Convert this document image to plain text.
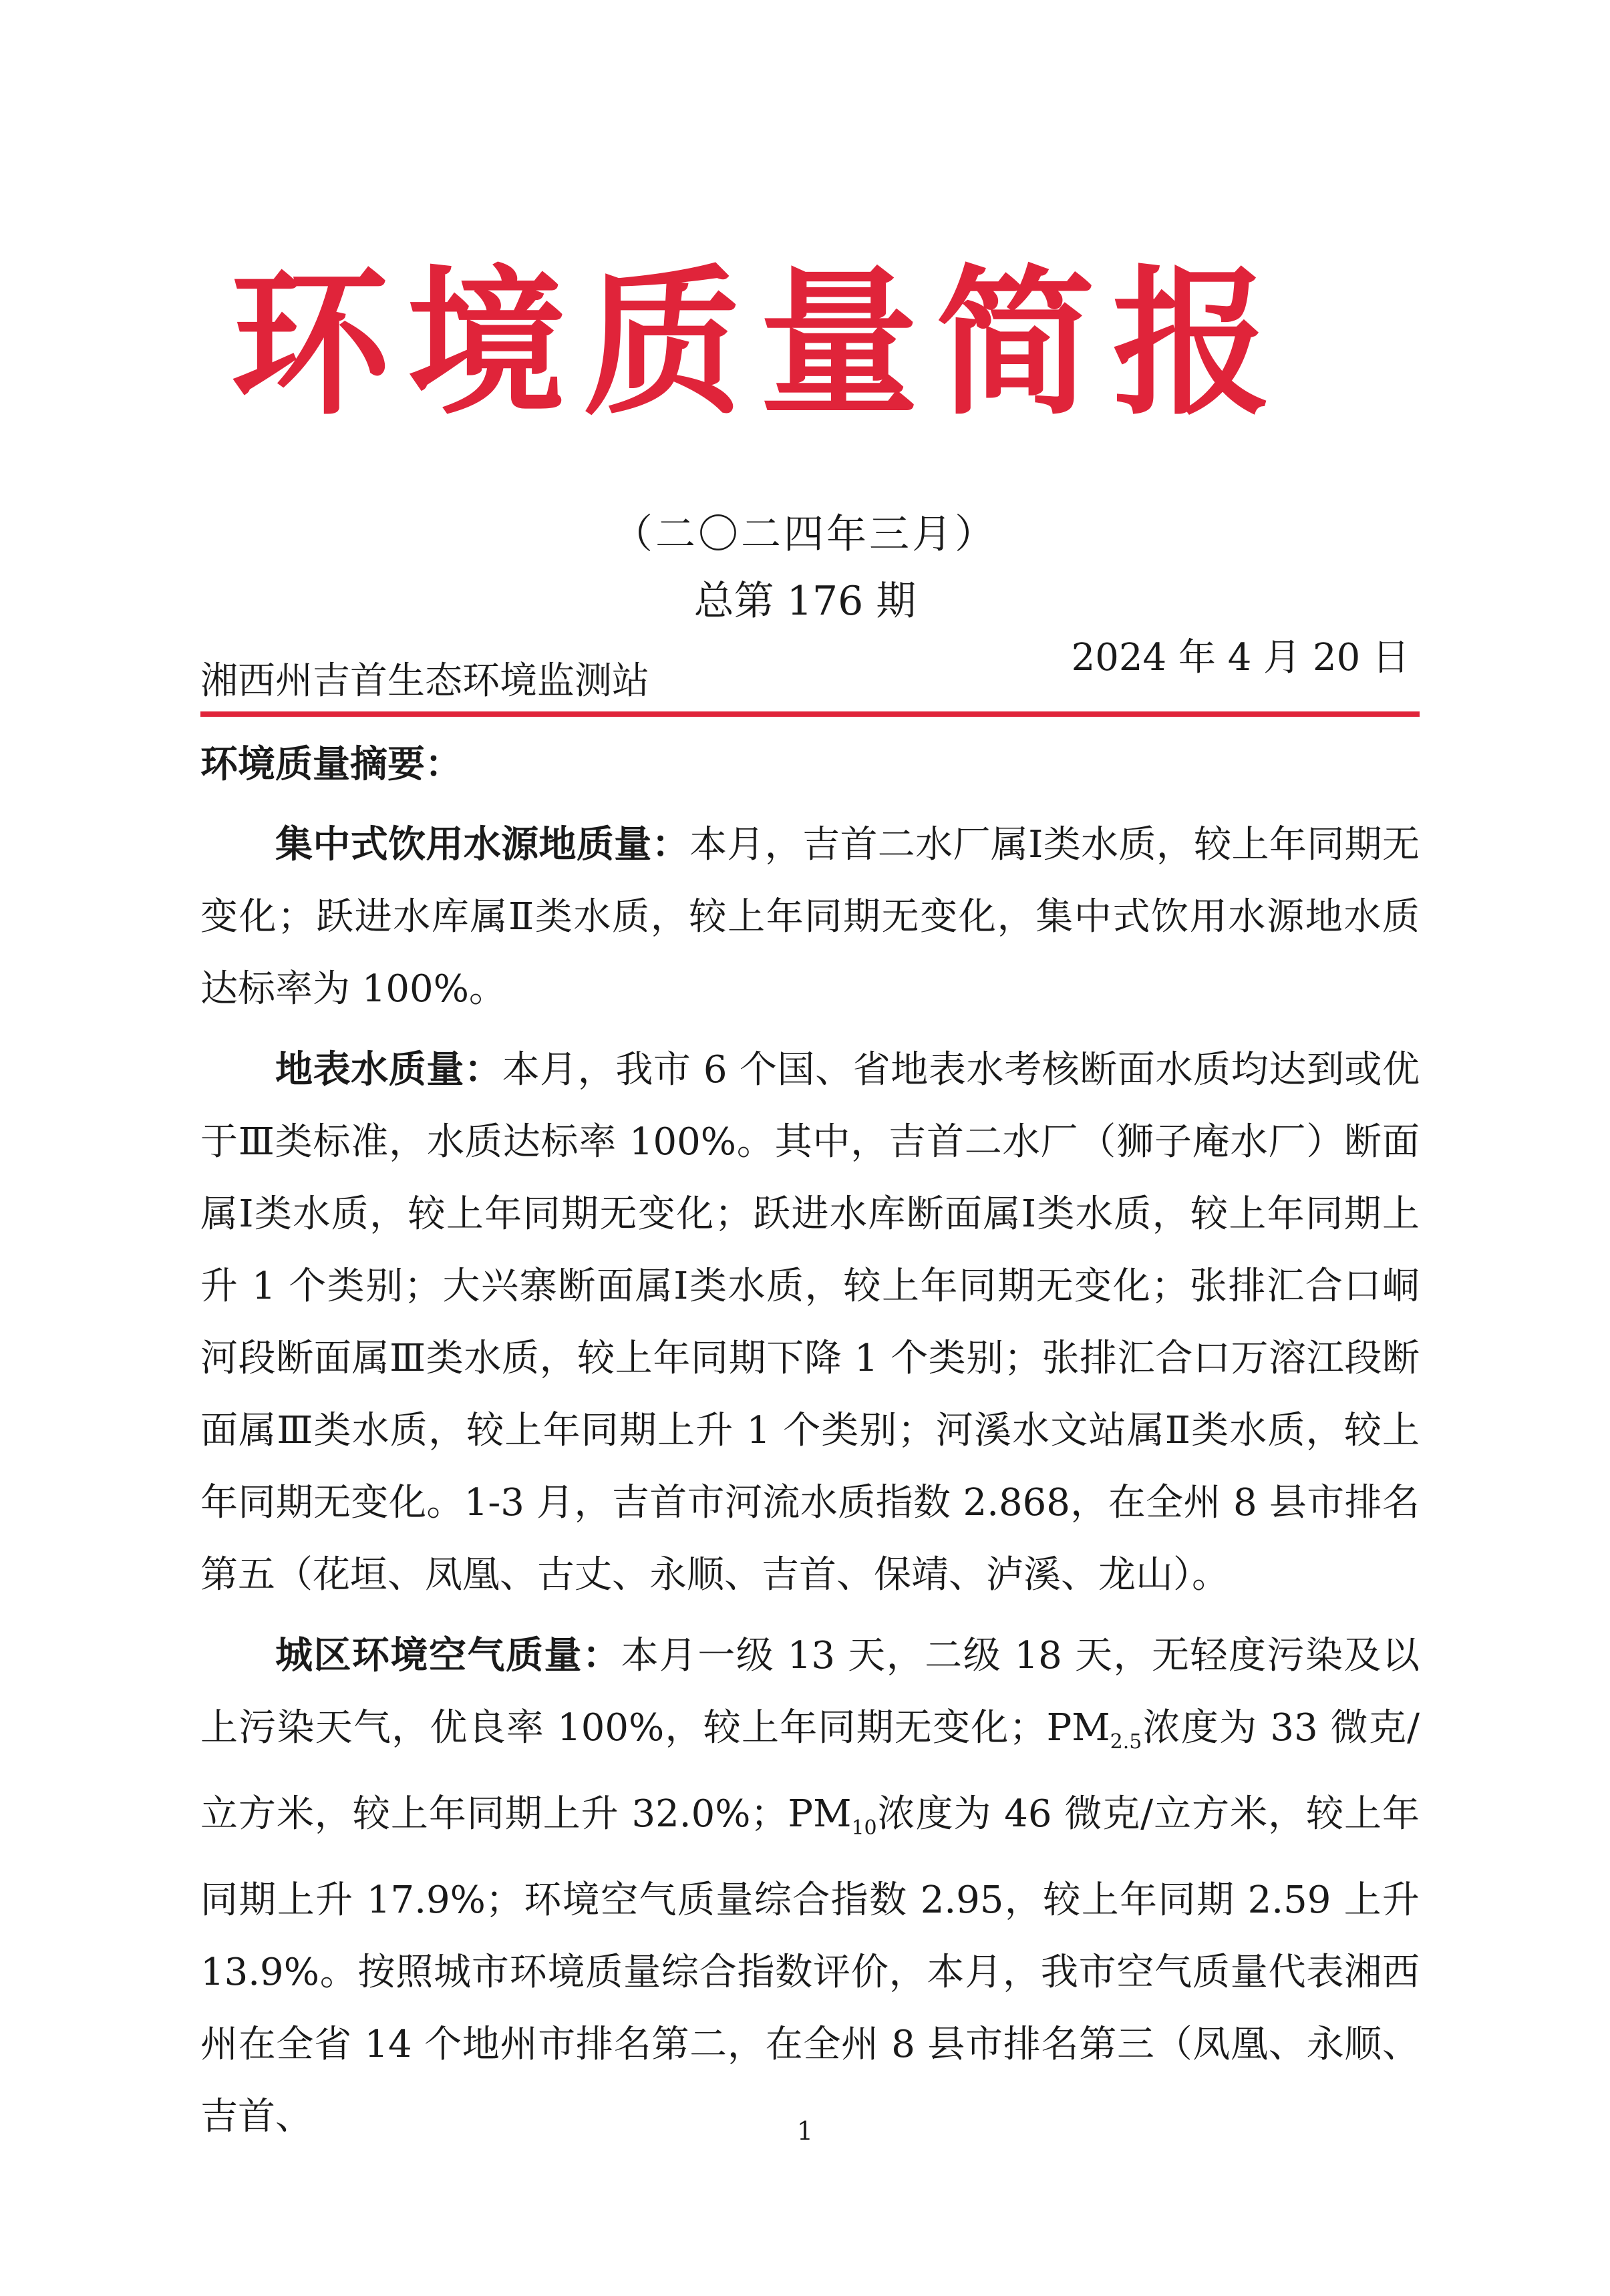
环境质量简报
（二〇二四年三月）
总第 176 期
湘西州吉首生态环境监测站
2024 年 4 月 20 日

环境质量摘要：

集中式饮用水源地质量：本月，吉首二水厂属Ⅰ类水质，较上年同期无变化；跃进水库属Ⅱ类水质，较上年同期无变化，集中式饮用水源地水质达标率为 100%。

地表水质量：本月，我市 6 个国、省地表水考核断面水质均达到或优于Ⅲ类标准，水质达标率 100%。其中，吉首二水厂（狮子庵水厂）断面属Ⅰ类水质，较上年同期无变化；跃进水库断面属Ⅰ类水质，较上年同期上升 1 个类别；大兴寨断面属Ⅰ类水质，较上年同期无变化；张排汇合口峒河段断面属Ⅲ类水质，较上年同期下降 1 个类别；张排汇合口万溶江段断面属Ⅲ类水质，较上年同期上升 1 个类别；河溪水文站属Ⅱ类水质，较上年同期无变化。1-3 月，吉首市河流水质指数 2.868，在全州 8 县市排名第五（花垣、凤凰、古丈、永顺、吉首、保靖、泸溪、龙山）。

城区环境空气质量：本月一级 13 天，二级 18 天，无轻度污染及以上污染天气，优良率 100%，较上年同期无变化；$PM_{2.5}$浓度为 33 微克/立方米，较上年同期上升 32.0%；$PM_{10}$浓度为 46 微克/立方米，较上年同期上升 17.9%；环境空气质量综合指数 2.95，较上年同期 2.59 上升 13.9%。按照城市环境质量综合指数评价，本月，我市空气质量代表湘西州在全省 14 个地州市排名第二，在全州 8 县市排名第三（凤凰、永顺、吉首、	1
